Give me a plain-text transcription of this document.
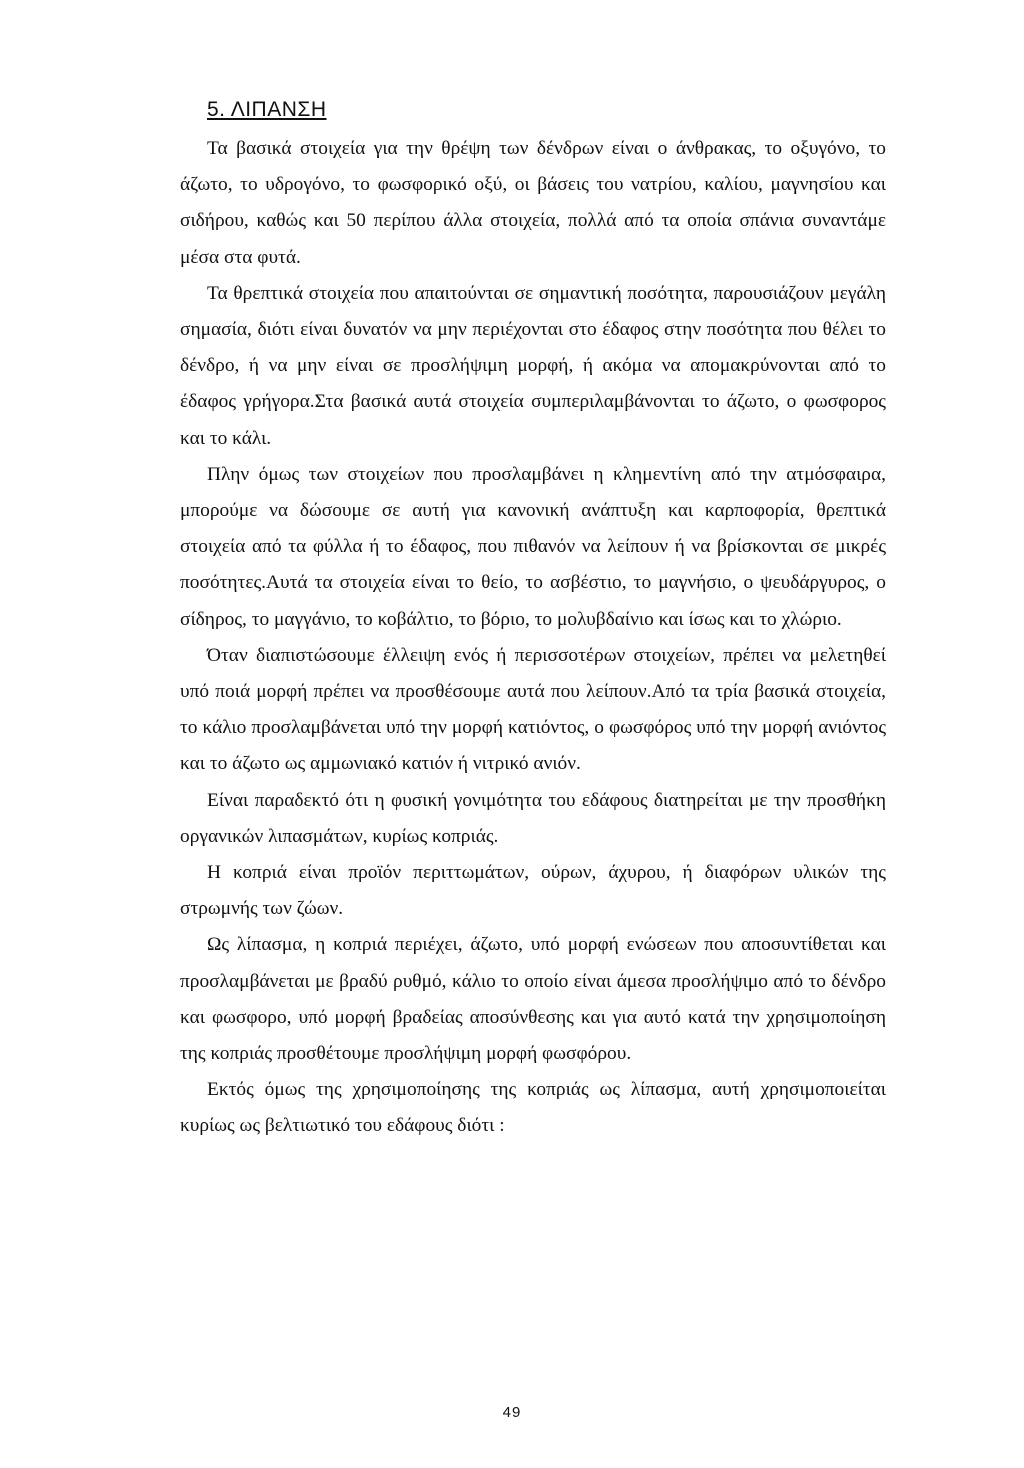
5. ΛΙΠΑΝΣΗ

Τα βασικά στοιχεία για την θρέψη των δένδρων είναι ο άνθρακας, το οξυγόνο, το άζωτο, το υδρογόνο, το φωσφορικό οξύ, οι βάσεις του νατρίου, καλίου, μαγνησίου και σιδήρου, καθώς και 50 περίπου άλλα στοιχεία, πολλά από τα οποία σπάνια συναντάμε μέσα στα φυτά.

Τα θρεπτικά στοιχεία που απαιτούνται σε σημαντική ποσότητα, παρουσιάζουν μεγάλη σημασία, διότι είναι δυνατόν να μην περιέχονται στο έδαφος στην ποσότητα που θέλει το δένδρο, ή να μην είναι σε προσλήψιμη μορφή, ή ακόμα να απομακρύνονται από το έδαφος γρήγορα.Στα βασικά αυτά στοιχεία συμπεριλαμβάνονται το άζωτο, ο φωσφορος και το κάλι.

Πλην όμως των στοιχείων που προσλαμβάνει η κλημεντίνη από την ατμόσφαιρα, μπορούμε να δώσουμε σε αυτή για κανονική ανάπτυξη και καρποφορία, θρεπτικά στοιχεία από τα φύλλα ή το έδαφος, που πιθανόν να λείπουν ή να βρίσκονται σε μικρές ποσότητες.Αυτά τα στοιχεία είναι το θείο, το ασβέστιο, το μαγνήσιο, ο ψευδάργυρος, ο σίδηρος, το μαγγάνιο, το κοβάλτιο, το βόριο, το μολυβδαίνιο και ίσως και το χλώριο.

Όταν διαπιστώσουμε έλλειψη ενός ή περισσοτέρων στοιχείων, πρέπει να μελετηθεί υπό ποιά μορφή πρέπει να προσθέσουμε αυτά που λείπουν.Από τα τρία βασικά στοιχεία, το κάλιο προσλαμβάνεται υπό την μορφή κατιόντος, ο φωσφόρος υπό την μορφή ανιόντος και το άζωτο ως αμμωνιακό κατιόν ή νιτρικό ανιόν.

Είναι παραδεκτό ότι η φυσική γονιμότητα του εδάφους διατηρείται με την προσθήκη οργανικών λιπασμάτων, κυρίως κοπριάς.

Η κοπριά είναι προϊόν περιττωμάτων, ούρων, άχυρου, ή διαφόρων υλικών της στρωμνής των ζώων.

Ως λίπασμα, η κοπριά περιέχει, άζωτο, υπό μορφή ενώσεων που αποσυντίθεται και προσλαμβάνεται με βραδύ ρυθμό, κάλιο το οποίο είναι άμεσα προσλήψιμο από το δένδρο και φωσφορο, υπό μορφή βραδείας αποσύνθεσης και για αυτό κατά την χρησιμοποίηση της κοπριάς προσθέτουμε προσλήψιμη μορφή φωσφόρου.

Εκτός όμως της χρησιμοποίησης της κοπριάς ως λίπασμα, αυτή χρησιμοποιείται κυρίως ως βελτιωτικό του εδάφους διότι :

49
